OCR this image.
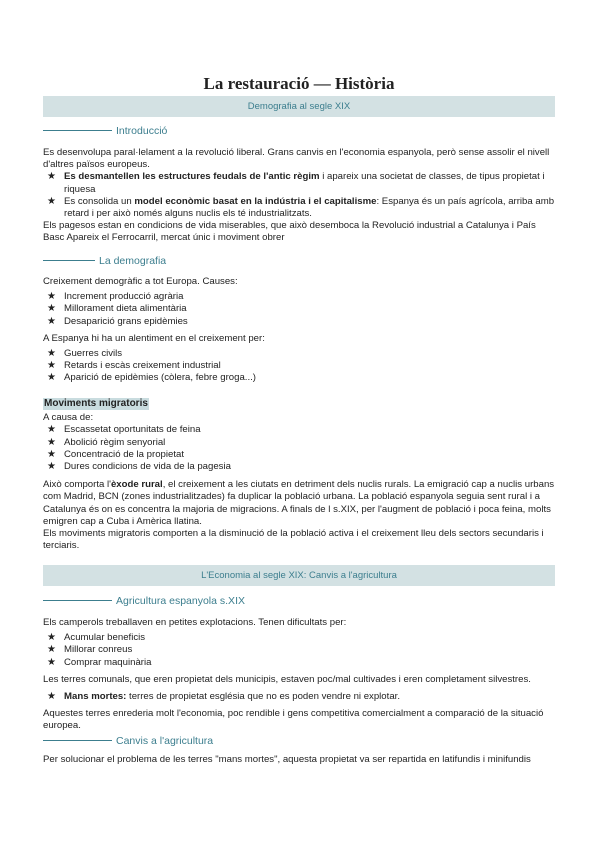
La restauració — Història
Demografia al segle XIX
Introducció

Es desenvolupa paral·lelament a la revolució liberal. Grans canvis en l'economia espanyola, però sense assolir el nivell d'altres països europeus.

★ Es desmantellen les estructures feudals de l'antic règim i apareix una societat de classes, de tipus propietat i riquesa
★ Es consolida un model econòmic basat en la indústria i el capitalisme: Espanya és un país agrícola, arriba amb retard i per això només alguns nuclis els té industrialitzats.

Els pagesos estan en condicions de vida miserables, que això desemboca la Revolució industrial a Catalunya i País Basc Apareix el Ferrocarril, mercat únic i moviment obrer

La demografia

Creixement demogràfic a tot Europa. Causes:

★ Increment producció agrària
★ Millorament dieta alimentària
★ Desaparició grans epidèmies

A Espanya hi ha un alentiment en el creixement per:

★ Guerres civils
★ Retards i escàs creixement industrial
★ Aparició de epidèmies (còlera, febre groga...)
Moviments migratoris

A causa de:

★ Escassetat oportunitats de feina
★ Abolició règim senyorial
★ Concentració de la propietat
★ Dures condicions de vida de la pagesia

Això comporta l'èxode rural, el creixement a les ciutats en detriment dels nuclis rurals. La emigració cap a nuclis urbans com Madrid, BCN (zones industrialitzades) fa duplicar la població urbana. La població espanyola seguia sent rural i a Catalunya és on es concentra la majoria de migracions. A finals de l s.XIX, per l'augment de població i poca feina, molts emigren cap a Cuba i Amèrica llatina.

Els moviments migratoris comporten a la disminució de la població activa i el creixement lleu dels sectors secundaris i terciaris.

L'Economia al segle XIX: Canvis a l'agricultura
Agricultura espanyola s.XIX

Els camperols treballaven en petites explotacions. Tenen dificultats per:

★ Acumular beneficis
★ Millorar conreus
★ Comprar maquinària

Les terres comunals, que eren propietat dels municipis, estaven poc/mal cultivades i eren completament silvestres.

★ Mans mortes: terres de propietat església que no es poden vendre ni explotar.

Aquestes terres enrederia molt l'economia, poc rendible i gens competitiva comercialment a comparació de la situació europea.

Canvis a l'agricultura

Per solucionar el problema de les terres "mans mortes", aquesta propietat va ser repartida en latifundis i minifundis
